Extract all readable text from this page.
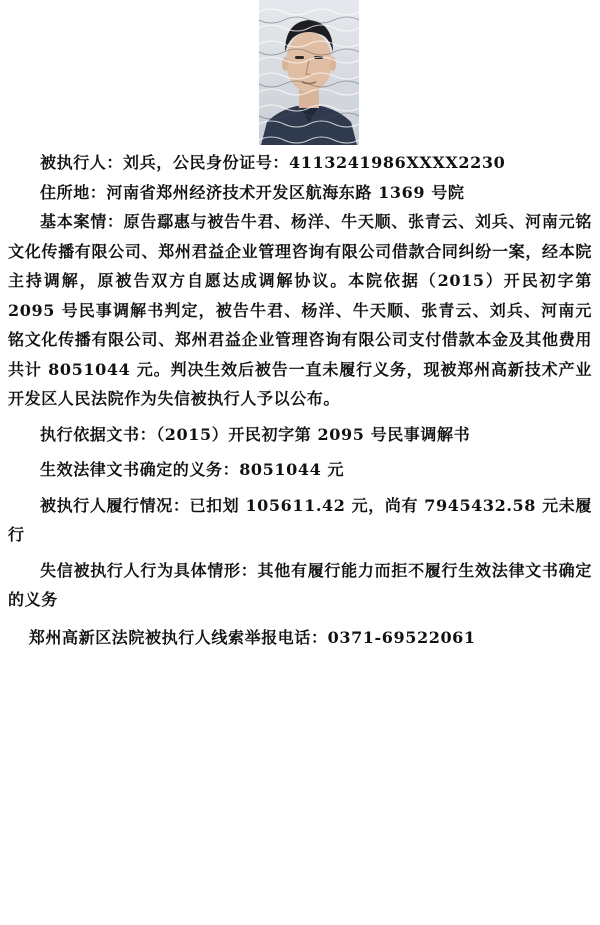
被执行人：刘兵，公民身份证号：4113241986XXXX2230

住所地：河南省郑州经济技术开发区航海东路 1369 号院

基本案情：原告鄢惠与被告牛君、杨洋、牛天顺、张青云、刘兵、河南元铭文化传播有限公司、郑州君益企业管理咨询有限公司借款合同纠纷一案，经本院主持调解，原被告双方自愿达成调解协议。本院依据（2015）开民初字第 2095 号民事调解书判定，被告牛君、杨洋、牛天顺、张青云、刘兵、河南元铭文化传播有限公司、郑州君益企业管理咨询有限公司支付借款本金及其他费用共计 8051044 元。判决生效后被告一直未履行义务，现被郑州高新技术产业开发区人民法院作为失信被执行人予以公布。

执行依据文书：（2015）开民初字第 2095 号民事调解书

生效法律文书确定的义务：8051044 元

被执行人履行情况：已扣划 105611.42 元，尚有 7945432.58 元未履行

失信被执行人行为具体情形：其他有履行能力而拒不履行生效法律文书确定的义务

郑州高新区法院被执行人线索举报电话：0371-69522061
